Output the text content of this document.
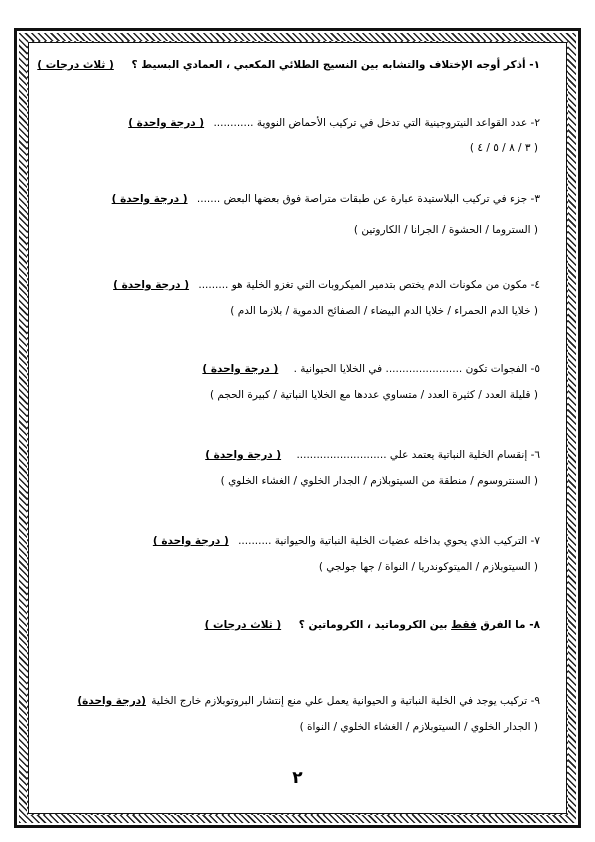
١- أذكر أوجه الإختلاف والتشابه بين النسيج الطلائي المكعبي ، العمادي البسيط ؟ ( ثلاث درجات )
٢- عدد القواعد النيتروجينية التي تدخل في تركيب الأحماض النووية ............ ( درجة واحدة )
( ٣ / ٨ / ٥ / ٤ )
٣- جزء في تركيب البلاستيدة عبارة عن طبقات متراصة فوق بعضها البعض ....... ( درجة واحدة )
( الستروما / الحشوة / الجرانا / الكاروتين )
٤- مكون من مكونات الدم يختص بتدمير الميكروبات التي تغزو الخلية هو ......... ( درجة واحدة )
( خلايا الدم الحمراء / خلايا الدم البيضاء / الصفائح الدموية / بلازما الدم )
٥- الفجوات تكون ....................... في الخلايا الحيوانية . ( درجة واحدة )
( قليلة العدد / كثيرة العدد / متساوي عددها مع الخلايا النباتية / كبيرة الحجم )
٦- إنقسام الخلية النباتية يعتمد علي ........................... ( درجة واحدة )
( السنتروسوم / منطقة من السيتوبلازم / الجدار الخلوي / الغشاء الخلوي )
٧- التركيب الذي يحوي بداخله عضيات الخلية النباتية والحيوانية .......... ( درجة واحدة )
( السيتوبلازم / الميتوكوندريا / النواة / جها جولجي )
٨- ما الفرق فقط بين الكروماتيد ، الكروماتين ؟ ( ثلاث درجات )
٩- تركيب يوجد في الخلية النباتية و الحيوانية يعمل علي منع إنتشار البروتوبلازم خارج الخلية (درجة واحدة)
( الجدار الخلوي / السيتوبلازم / الغشاء الخلوي / النواة )
٢
